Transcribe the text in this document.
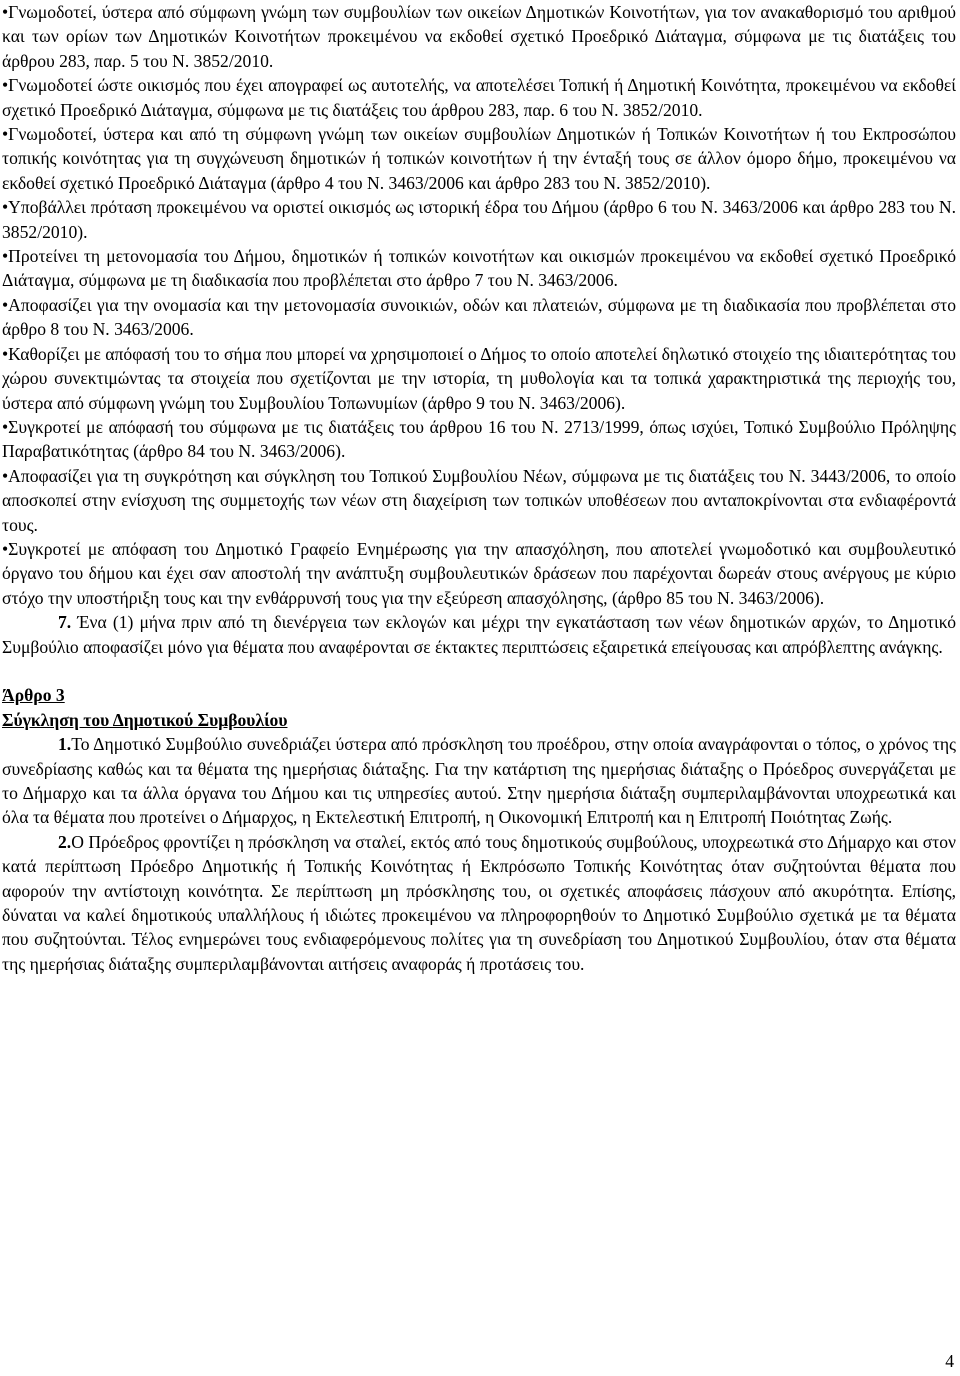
• Γνωμοδοτεί, ύστερα από σύμφωνη γνώμη των συμβουλίων των οικείων Δημοτικών Κοινοτήτων, για τον ανακαθορισμό του αριθμού και των ορίων των Δημοτικών Κοινοτήτων προκειμένου να εκδοθεί σχετικό Προεδρικό Διάταγμα, σύμφωνα με τις διατάξεις του άρθρου 283, παρ. 5 του Ν. 3852/2010.

• Γνωμοδοτεί ώστε οικισμός που έχει απογραφεί ως αυτοτελής, να αποτελέσει Τοπική ή Δημοτική Κοινότητα, προκειμένου να εκδοθεί σχετικό Προεδρικό Διάταγμα, σύμφωνα με τις διατάξεις του άρθρου 283, παρ. 6 του Ν. 3852/2010.

• Γνωμοδοτεί, ύστερα και από τη σύμφωνη γνώμη των οικείων συμβουλίων Δημοτικών ή Τοπικών Κοινοτήτων ή του Εκπροσώπου τοπικής κοινότητας για τη συγχώνευση δημοτικών ή τοπικών κοινοτήτων ή την ένταξή τους σε άλλον όμορο δήμο, προκειμένου να εκδοθεί σχετικό Προεδρικό Διάταγμα (άρθρο 4 του Ν. 3463/2006 και άρθρο 283 του Ν. 3852/2010).

• Υποβάλλει πρόταση προκειμένου να οριστεί οικισμός ως ιστορική έδρα του Δήμου (άρθρο 6 του Ν. 3463/2006 και άρθρο 283 του Ν. 3852/2010).

• Προτείνει τη μετονομασία του Δήμου, δημοτικών ή τοπικών κοινοτήτων και οικισμών προκειμένου να εκδοθεί σχετικό Προεδρικό Διάταγμα, σύμφωνα με τη διαδικασία που προβλέπεται στο άρθρο 7 του Ν. 3463/2006.

• Αποφασίζει για την ονομασία και την μετονομασία συνοικιών, οδών και πλατειών, σύμφωνα με τη διαδικασία που προβλέπεται στο άρθρο 8 του Ν. 3463/2006.

• Καθορίζει με απόφασή του το σήμα που μπορεί να χρησιμοποιεί ο Δήμος το οποίο αποτελεί δηλωτικό στοιχείο της ιδιαιτερότητας του χώρου συνεκτιμώντας τα στοιχεία που σχετίζονται με την ιστορία, τη μυθολογία και τα τοπικά χαρακτηριστικά της περιοχής του, ύστερα από σύμφωνη γνώμη του Συμβουλίου Τοπωνυμίων (άρθρο 9 του Ν. 3463/2006).

• Συγκροτεί με απόφασή του σύμφωνα με τις διατάξεις του άρθρου 16 του Ν. 2713/1999, όπως ισχύει, Τοπικό Συμβούλιο Πρόληψης Παραβατικότητας (άρθρο 84 του Ν. 3463/2006).

• Αποφασίζει για τη συγκρότηση και σύγκληση του Τοπικού Συμβουλίου Νέων, σύμφωνα με τις διατάξεις του Ν. 3443/2006, το οποίο αποσκοπεί στην ενίσχυση της συμμετοχής των νέων στη διαχείριση των τοπικών υποθέσεων που ανταποκρίνονται στα ενδιαφέροντά τους.

• Συγκροτεί με απόφαση του Δημοτικό Γραφείο Ενημέρωσης για την απασχόληση, που αποτελεί γνωμοδοτικό και συμβουλευτικό όργανο του δήμου και έχει σαν αποστολή την ανάπτυξη συμβουλευτικών δράσεων που παρέχονται δωρεάν στους ανέργους με κύριο στόχο την υποστήριξη τους και την ενθάρρυνσή τους για την εξεύρεση απασχόλησης, (άρθρο 85 του Ν. 3463/2006).

7. Ένα (1) μήνα πριν από τη διενέργεια των εκλογών και μέχρι την εγκατάσταση των νέων δημοτικών αρχών, το Δημοτικό Συμβούλιο αποφασίζει μόνο για θέματα που αναφέρονται σε έκτακτες περιπτώσεις εξαιρετικά επείγουσας και απρόβλεπτης ανάγκης.

Άρθρο 3

Σύγκληση του Δημοτικού Συμβουλίου

1.Το Δημοτικό Συμβούλιο συνεδριάζει ύστερα από πρόσκληση του προέδρου, στην οποία αναγράφονται ο τόπος, ο χρόνος της συνεδρίασης καθώς και τα θέματα της ημερήσιας διάταξης. Για την κατάρτιση της ημερήσιας διάταξης ο Πρόεδρος συνεργάζεται με το Δήμαρχο και τα άλλα όργανα του Δήμου και τις υπηρεσίες αυτού. Στην ημερήσια διάταξη συμπεριλαμβάνονται υποχρεωτικά και όλα τα θέματα που προτείνει ο Δήμαρχος, η Εκτελεστική Επιτροπή, η Οικονομική Επιτροπή και η Επιτροπή Ποιότητας Ζωής.

2.Ο Πρόεδρος φροντίζει η πρόσκληση να σταλεί, εκτός από τους δημοτικούς συμβούλους, υποχρεωτικά στο Δήμαρχο και στον κατά περίπτωση Πρόεδρο Δημοτικής ή Τοπικής Κοινότητας ή Εκπρόσωπο Τοπικής Κοινότητας όταν συζητούνται θέματα που αφορούν την αντίστοιχη κοινότητα. Σε περίπτωση μη πρόσκλησης του, οι σχετικές αποφάσεις πάσχουν από ακυρότητα. Επίσης, δύναται να καλεί δημοτικούς υπαλλήλους ή ιδιώτες προκειμένου να πληροφορηθούν το Δημοτικό Συμβούλιο σχετικά με τα θέματα που συζητούνται. Τέλος ενημερώνει τους ενδιαφερόμενους πολίτες για τη συνεδρίαση του Δημοτικού Συμβουλίου, όταν στα θέματα της ημερήσιας διάταξης συμπεριλαμβάνονται αιτήσεις αναφοράς ή προτάσεις του.

4
